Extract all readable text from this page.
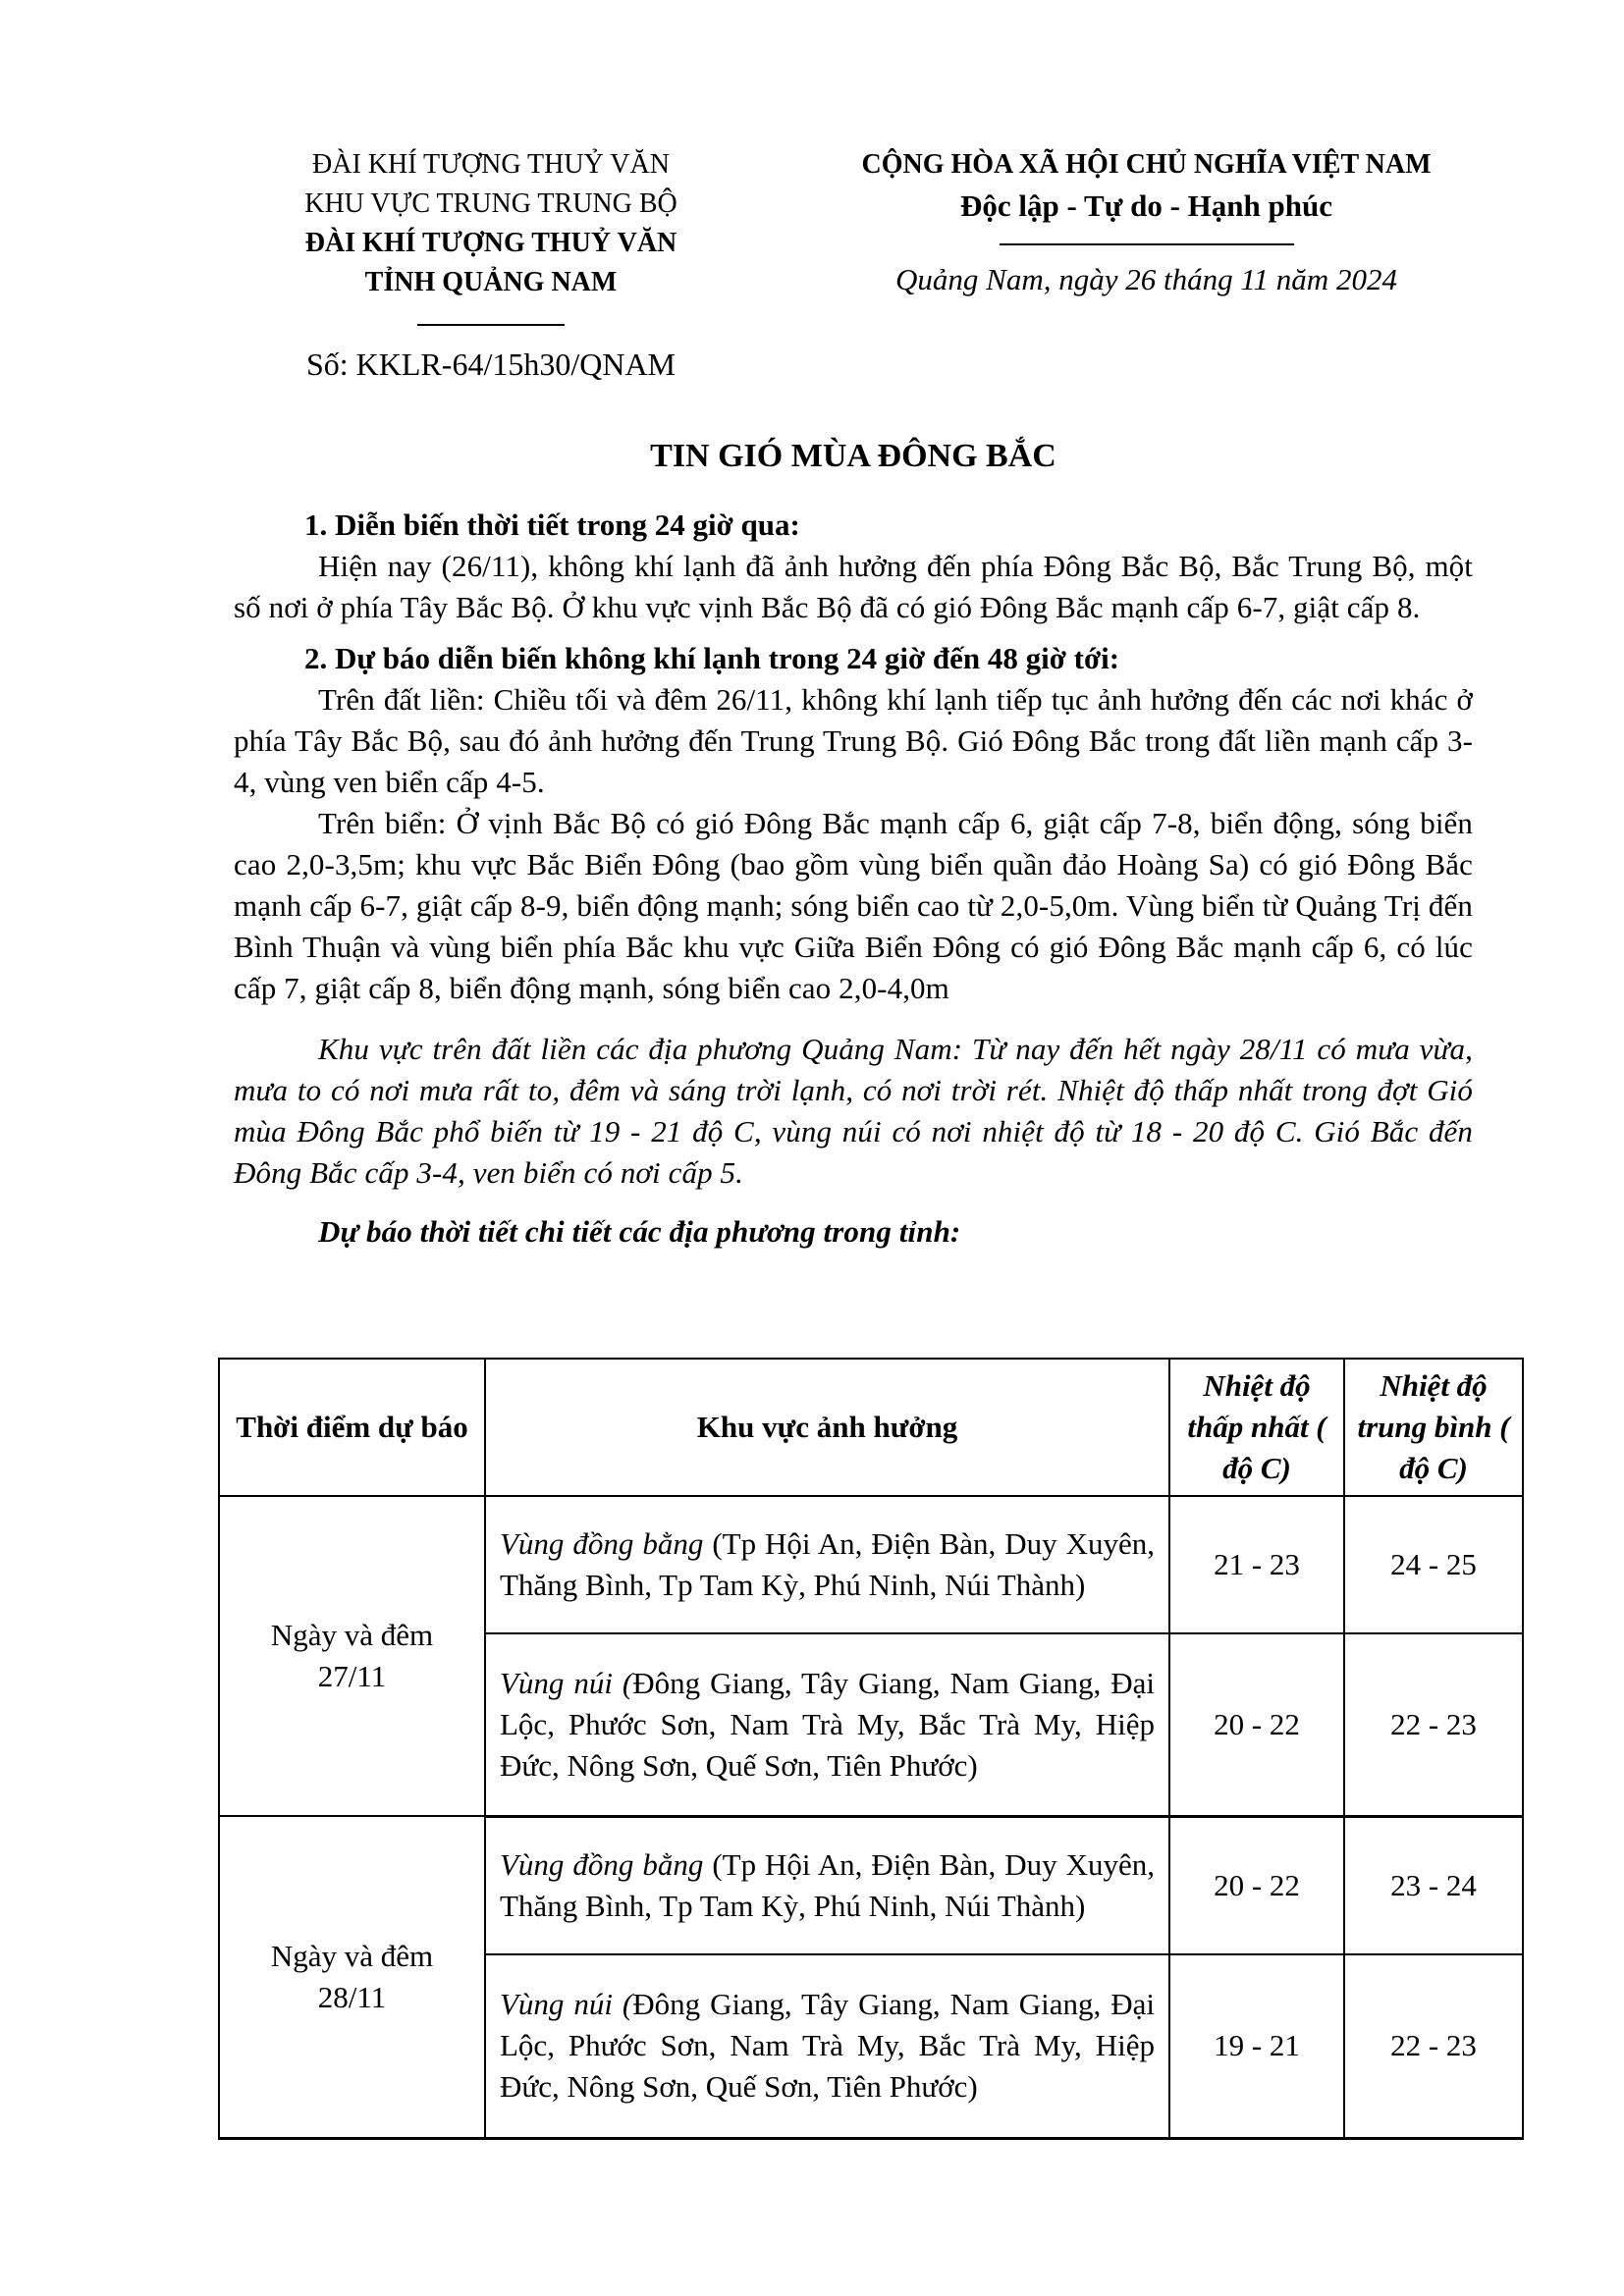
ĐÀI KHÍ TƯỢNG THUỶ VĂN
KHU VỰC TRUNG TRUNG BỘ
ĐÀI KHÍ TƯỢNG THUỶ VĂN
TỈNH QUẢNG NAM
Số: KKLR-64/15h30/QNAM
CỘNG HÒA XÃ HỘI CHỦ NGHĨA VIỆT NAM
Độc lập - Tự do - Hạnh phúc
Quảng Nam, ngày 26 tháng 11 năm 2024
TIN GIÓ MÙA ĐÔNG BẮC
1. Diễn biến thời tiết trong 24 giờ qua:

Hiện nay (26/11), không khí lạnh đã ảnh hưởng đến phía Đông Bắc Bộ, Bắc Trung Bộ, một số nơi ở phía Tây Bắc Bộ. Ở khu vực vịnh Bắc Bộ đã có gió Đông Bắc mạnh cấp 6-7, giật cấp 8.

2. Dự báo diễn biến không khí lạnh trong 24 giờ đến 48 giờ tới:

Trên đất liền: Chiều tối và đêm 26/11, không khí lạnh tiếp tục ảnh hưởng đến các nơi khác ở phía Tây Bắc Bộ, sau đó ảnh hưởng đến Trung Trung Bộ. Gió Đông Bắc trong đất liền mạnh cấp 3-4, vùng ven biển cấp 4-5.

Trên biển: Ở vịnh Bắc Bộ có gió Đông Bắc mạnh cấp 6, giật cấp 7-8, biển động, sóng biển cao 2,0-3,5m; khu vực Bắc Biển Đông (bao gồm vùng biển quần đảo Hoàng Sa) có gió Đông Bắc mạnh cấp 6-7, giật cấp 8-9, biển động mạnh; sóng biển cao từ 2,0-5,0m. Vùng biển từ Quảng Trị đến Bình Thuận và vùng biển phía Bắc khu vực Giữa Biển Đông có gió Đông Bắc mạnh cấp 6, có lúc cấp 7, giật cấp 8, biển động mạnh, sóng biển cao 2,0-4,0m

Khu vực trên đất liền các địa phương Quảng Nam: Từ nay đến hết ngày 28/11 có mưa vừa, mưa to có nơi mưa rất to, đêm và sáng trời lạnh, có nơi trời rét. Nhiệt độ thấp nhất trong đợt Gió mùa Đông Bắc phổ biến từ 19 - 21 độ C, vùng núi có nơi nhiệt độ từ 18 - 20 độ C. Gió Bắc đến Đông Bắc cấp 3-4, ven biển có nơi cấp 5.

Dự báo thời tiết chi tiết các địa phương trong tỉnh:

Thời điểm dự báo	Khu vực ảnh hưởng	Nhiệt độ thấp nhất ( độ C)	Nhiệt độ trung bình ( độ C)

Ngày và đêm
27/11	Vùng đồng bằng (Tp Hội An, Điện Bàn, Duy Xuyên, Thăng Bình, Tp Tam Kỳ, Phú Ninh, Núi Thành)	21 - 23	24 - 25
	Vùng núi (Đông Giang, Tây Giang, Nam Giang, Đại Lộc, Phước Sơn, Nam Trà My, Bắc Trà My, Hiệp Đức, Nông Sơn, Quế Sơn, Tiên Phước)	20 - 22	22 - 23

Ngày và đêm
28/11	Vùng đồng bằng (Tp Hội An, Điện Bàn, Duy Xuyên, Thăng Bình, Tp Tam Kỳ, Phú Ninh, Núi Thành)	20 - 22	23 - 24
	Vùng núi (Đông Giang, Tây Giang, Nam Giang, Đại Lộc, Phước Sơn, Nam Trà My, Bắc Trà My, Hiệp Đức, Nông Sơn, Quế Sơn, Tiên Phước)	19 - 21	22 - 23
